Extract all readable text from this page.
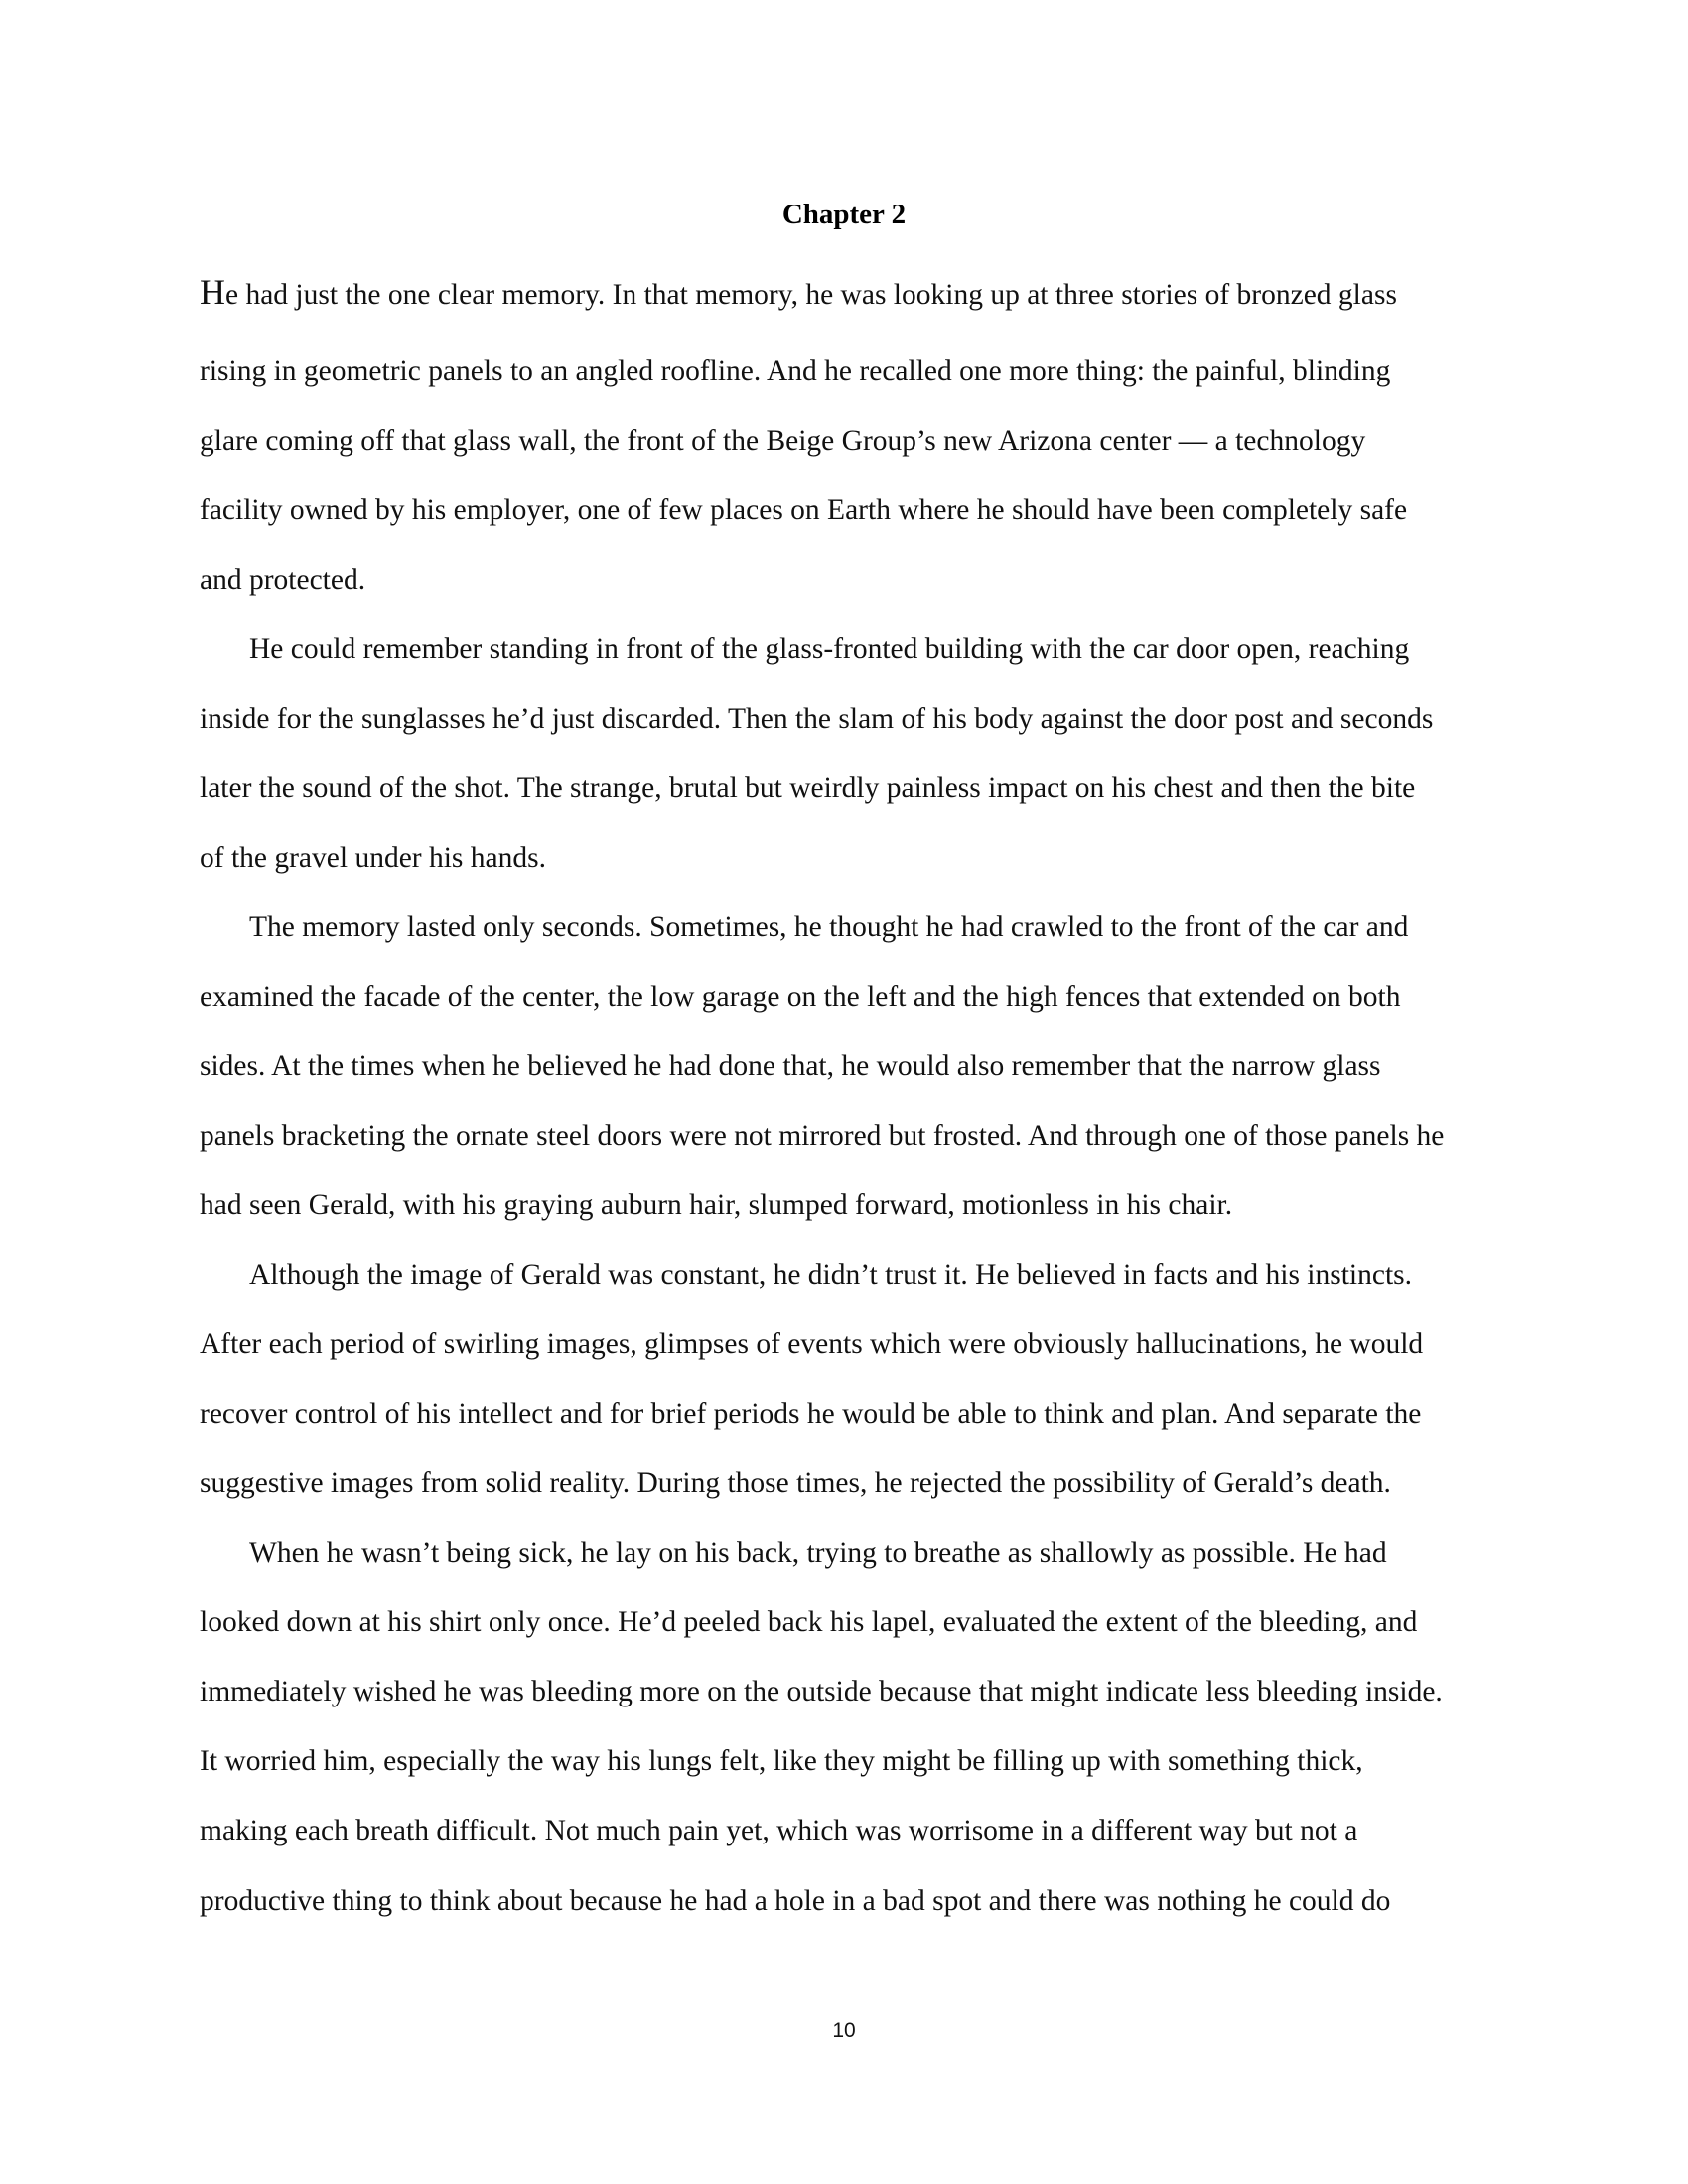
Chapter 2
He had just the one clear memory. In that memory, he was looking up at three stories of bronzed glass
rising in geometric panels to an angled roofline. And he recalled one more thing: the painful, blinding
glare coming off that glass wall, the front of the Beige Group’s new Arizona center — a technology
facility owned by his employer, one of few places on Earth where he should have been completely safe
and protected.
He could remember standing in front of the glass-fronted building with the car door open, reaching
inside for the sunglasses he’d just discarded. Then the slam of his body against the door post and seconds
later the sound of the shot. The strange, brutal but weirdly painless impact on his chest and then the bite
of the gravel under his hands.
The memory lasted only seconds. Sometimes, he thought he had crawled to the front of the car and
examined the facade of the center, the low garage on the left and the high fences that extended on both
sides. At the times when he believed he had done that, he would also remember that the narrow glass
panels bracketing the ornate steel doors were not mirrored but frosted. And through one of those panels he
had seen Gerald, with his graying auburn hair, slumped forward, motionless in his chair.
Although the image of Gerald was constant, he didn’t trust it. He believed in facts and his instincts.
After each period of swirling images, glimpses of events which were obviously hallucinations, he would
recover control of his intellect and for brief periods he would be able to think and plan. And separate the
suggestive images from solid reality. During those times, he rejected the possibility of Gerald’s death.
When he wasn’t being sick, he lay on his back, trying to breathe as shallowly as possible. He had
looked down at his shirt only once. He’d peeled back his lapel, evaluated the extent of the bleeding, and
immediately wished he was bleeding more on the outside because that might indicate less bleeding inside.
It worried him, especially the way his lungs felt, like they might be filling up with something thick,
making each breath difficult. Not much pain yet, which was worrisome in a different way but not a
productive thing to think about because he had a hole in a bad spot and there was nothing he could do
10
